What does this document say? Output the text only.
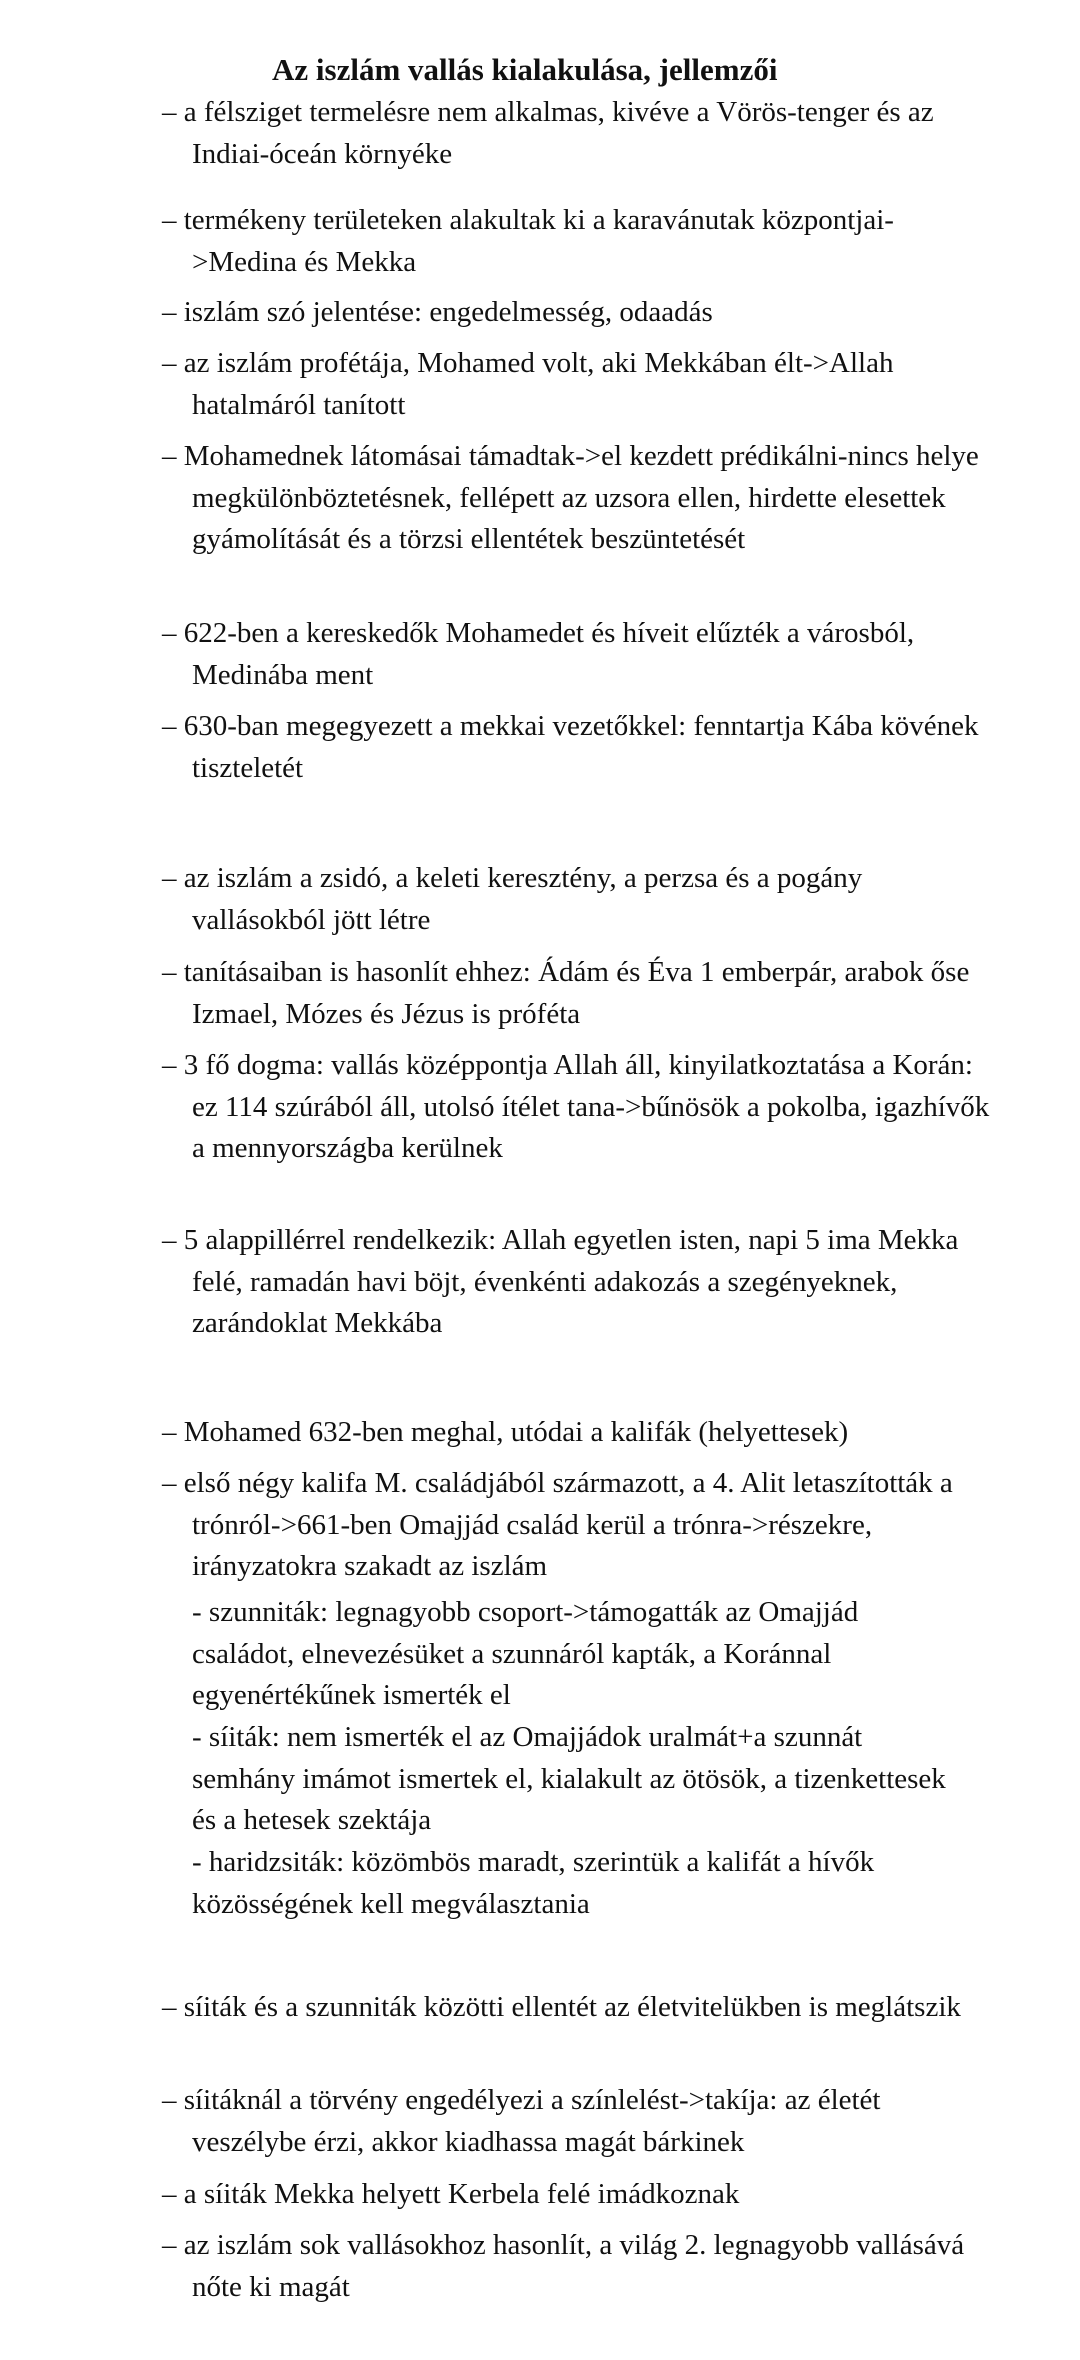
Az iszlám vallás kialakulása, jellemzői
– a félsziget termelésre nem alkalmas, kivéve a Vörös-tenger és az Indiai-óceán környéke
– termékeny területeken alakultak ki a karavánutak központjai->Medina és Mekka
– iszlám szó jelentése: engedelmesség, odaadás
– az iszlám profétája, Mohamed volt, aki Mekkában élt->Allah hatalmáról tanított
– Mohamednek látomásai támadtak->el kezdett prédikálni-nincs helye megkülönböztetésnek, fellépett az uzsora ellen, hirdette elesettek gyámolítását és a törzsi ellentétek beszüntetését
– 622-ben a kereskedők Mohamedet és híveit elűzték a városból, Medinába ment
– 630-ban megegyezett a mekkai vezetőkkel: fenntartja Kába kövének tiszteletét
– az iszlám a zsidó, a keleti keresztény, a perzsa és a pogány vallásokból jött létre
– tanításaiban is hasonlít ehhez: Ádám és Éva 1 emberpár, arabok őse Izmael, Mózes és Jézus is próféta
– 3 fő dogma: vallás középpontja Allah áll, kinyilatkoztatása a Korán: ez 114 szúrából áll, utolsó ítélet tana->bűnösök a pokolba, igazhívők a mennyországba kerülnek
– 5 alappillérrel rendelkezik: Allah egyetlen isten, napi 5 ima Mekka felé, ramadán havi böjt, évenkénti adakozás a szegényeknek, zarándoklat Mekkába
– Mohamed 632-ben meghal, utódai a kalifák (helyettesek)
– első négy kalifa M. családjából származott, a 4. Alit letaszították a trónról->661-ben Omajjád család kerül a trónra->részekre, irányzatokra szakadt az iszlám
- szunniták: legnagyobb csoport->támogatták az Omajjád családot, elnevezésüket a szunnáról kapták, a Koránnal egyenértékűnek ismerték el
- síiták: nem ismerték el az Omajjádok uralmát+a szunnát semhány imámot ismertek el, kialakult az ötösök, a tizenkettesek és a hetesek szektája
- haridzsiták: közömbös maradt, szerintük a kalifát a hívők közösségének kell megválasztania
– síiták és a szunniták közötti ellentét az életvitelükben is meglátszik
– síitáknál a törvény engedélyezi a színlelést->takíja: az életét veszélybe érzi, akkor kiadhassa magát bárkinek
– a síiták Mekka helyett Kerbela felé imádkoznak
– az iszlám sok vallásokhoz hasonlít, a világ 2. legnagyobb vallásává nőte ki magát
